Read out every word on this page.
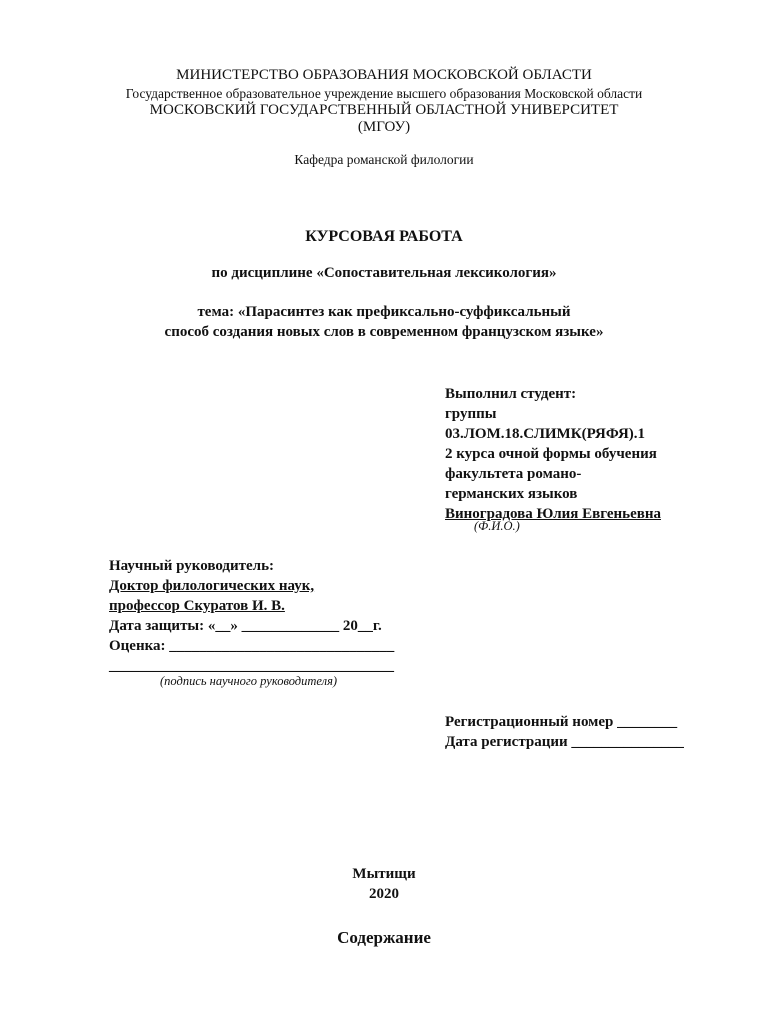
МИНИСТЕРСТВО ОБРАЗОВАНИЯ МОСКОВСКОЙ ОБЛАСТИ
Государственное образовательное учреждение высшего образования Московской области
МОСКОВСКИЙ ГОСУДАРСТВЕННЫЙ ОБЛАСТНОЙ УНИВЕРСИТЕТ
(МГОУ)
Кафедра романской филологии
КУРСОВАЯ РАБОТА
по дисциплине «Сопоставительная лексикология»
тема: «Парасинтез как префиксально-суффиксальный
способ создания новых слов в современном французском языке»
Выполнил студент:
группы
03.ЛОМ.18.СЛИМК(РЯФЯ).1
2 курса очной формы обучения
факультета романо-
германских языков
Виноградова Юлия Евгеньевна
(Ф.И.О.)
Научный руководитель:
Доктор филологических наук,
профессор Скуратов И. В.
Дата защиты: «__» _____________ 20__г.
Оценка: ______________________________
______________________________________
(подпись научного руководителя)
Регистрационный номер ________
Дата регистрации _______________
Мытищи
2020
Содержание
